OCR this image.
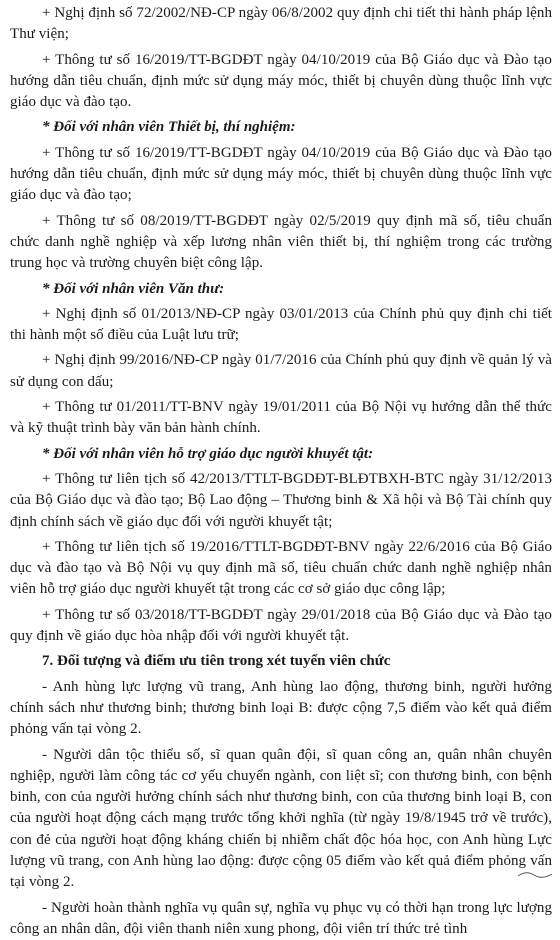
+ Nghị định số 72/2002/NĐ-CP ngày 06/8/2002 quy định chi tiết thi hành pháp lệnh Thư viện;

+ Thông tư số 16/2019/TT-BGDĐT ngày 04/10/2019 của Bộ Giáo dục và Đào tạo hướng dẫn tiêu chuẩn, định mức sử dụng máy móc, thiết bị chuyên dùng thuộc lĩnh vực giáo dục và đào tạo.

* Đối với nhân viên Thiết bị, thí nghiệm:

+ Thông tư số 16/2019/TT-BGDĐT ngày 04/10/2019 của Bộ Giáo dục và Đào tạo hướng dẫn tiêu chuẩn, định mức sử dụng máy móc, thiết bị chuyên dùng thuộc lĩnh vực giáo dục và đào tạo;

+ Thông tư số 08/2019/TT-BGDĐT ngày 02/5/2019 quy định mã số, tiêu chuẩn chức danh nghề nghiệp và xếp lương nhân viên thiết bị, thí nghiệm trong các trường trung học và trường chuyên biệt công lập.

* Đối với nhân viên Văn thư:

+ Nghị định số 01/2013/NĐ-CP ngày 03/01/2013 của Chính phủ quy định chi tiết thi hành một số điều của Luật lưu trữ;

+ Nghị định 99/2016/NĐ-CP ngày 01/7/2016 của Chính phủ quy định về quản lý và sử dụng con dấu;

+ Thông tư 01/2011/TT-BNV ngày 19/01/2011 của Bộ Nội vụ hướng dẫn thể thức và kỹ thuật trình bày văn bản hành chính.

* Đối với nhân viên hỗ trợ giáo dục người khuyết tật:

+ Thông tư liên tịch số 42/2013/TTLT-BGDĐT-BLĐTBXH-BTC ngày 31/12/2013 của Bộ Giáo dục và đào tạo; Bộ Lao động – Thương binh & Xã hội và Bộ Tài chính quy định chính sách về giáo dục đối với người khuyết tật;

+ Thông tư liên tịch số 19/2016/TTLT-BGDĐT-BNV ngày 22/6/2016 của Bộ Giáo dục và đào tạo và Bộ Nội vụ quy định mã số, tiêu chuẩn chức danh nghề nghiệp nhân viên hỗ trợ giáo dục người khuyết tật trong các cơ sở giáo dục công lập;

+ Thông tư số 03/2018/TT-BGDĐT ngày 29/01/2018 của Bộ Giáo dục và Đào tạo quy định về giáo dục hòa nhập đối với người khuyết tật.

7. Đối tượng và điểm ưu tiên trong xét tuyển viên chức

- Anh hùng lực lượng vũ trang, Anh hùng lao động, thương binh, người hưởng chính sách như thương binh; thương binh loại B: được cộng 7,5 điểm vào kết quả điểm phỏng vấn tại vòng 2.

- Người dân tộc thiểu số, sĩ quan quân đội, sĩ quan công an, quân nhân chuyên nghiệp, người làm công tác cơ yếu chuyển ngành, con liệt sĩ; con thương binh, con bệnh binh, con của người hưởng chính sách như thương binh, con của thương binh loại B, con của người hoạt động cách mạng trước tổng khởi nghĩa (từ ngày 19/8/1945 trở về trước), con đẻ của người hoạt động kháng chiến bị nhiễm chất độc hóa học, con Anh hùng Lực lượng vũ trang, con Anh hùng lao động: được cộng 05 điểm vào kết quả điểm phỏng vấn tại vòng 2.

- Người hoàn thành nghĩa vụ quân sự, nghĩa vụ phục vụ có thời hạn trong lực lượng công an nhân dân, đội viên thanh niên xung phong, đội viên trí thức trẻ tình
